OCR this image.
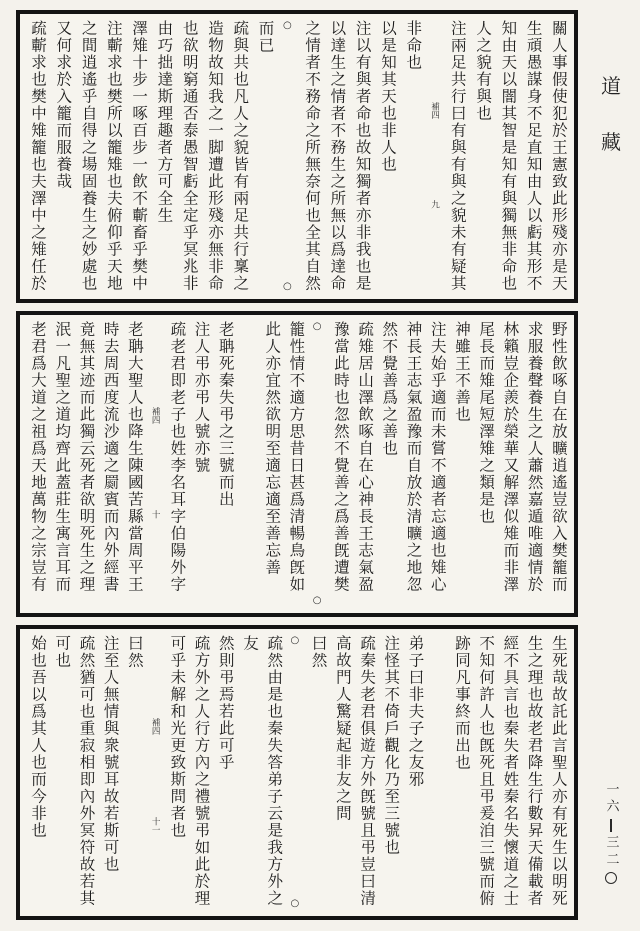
關人事假使犯於王憲致此形殘亦是天
生頑愚謀身不足直知由人以虧其形不
知由天以闇其智是知有與獨無非命也
人之貌有與也
注兩足共行曰有與有與之貌未有疑其
補四
九
非命也
以是知其天也非人也
注以有與者命也故知獨者亦非我也是
以達生之情者不務生之所無以爲達命
之情者不務命之所無奈何也全其自然
○
○
而已
疏與共也凡人之貌皆有兩足共行稟之
造物故知我之一脚遭此形殘亦無非命
也欲明窮通否泰愚智虧全定乎冥兆非
由巧拙達斯理趣者方可全生
澤雉十步一啄百步一飲不蘄畜乎樊中
注蘄求也樊所以籠雉也夫俯仰乎天地
之間逍遙乎自得之場固養生之妙處也
又何求於入籠而服養哉
疏蘄求也樊中雉籠也夫澤中之雉任於
野性飲啄自在放曠逍遙豈欲入樊籠而
求服養聲養生之人蕭然嘉遁唯適情於
林籟豈企羨於榮華又解澤似雉而非澤
尾長而雉尾短澤雉之類是也
神雖王不善也
注夫始乎適而未嘗不適者忘適也雉心
神長王志氣盈豫而自放於清曠之地忽
然不覺善爲之善也
疏雉居山澤飲啄自在心神長王志氣盈
豫當此時也忽然不覺善之爲善旣遭樊
○
○
籠性情不適方思昔日甚爲清暢鳥旣如
此人亦宜然欲明至適忘適至善忘善
老聃死秦失弔之三號而出
注人弔亦弔人號亦號
疏老君即老子也姓李名耳字伯陽外字
補四
十
老聃大聖人也降生陳國苦縣當周平王
時去周西度流沙適之罽賓而內外經書
竟無其迹而此獨云死者欲明死生之理
泯一凡聖之道均齊此蓋莊生寓言耳而
老君爲大道之祖爲天地萬物之宗豈有
生死哉故託此言聖人亦有死生以明死
生之理也故老君降生行數昇天備載者
經不具言也秦失者姓秦名失懷道之士
不知何許人也旣死且弔爰洎三號而俯
跡同凡事終而出也
弟子曰非夫子之友邪
注怪其不倚戶觀化乃至三號也
疏秦失老君俱遊方外旣號且弔豈曰清
高故門人驚疑起非友之問
曰然
○
○
疏然由是也秦失答弟子云是我方外之
友
然則弔焉若此可乎
疏方外之人行方內之禮號弔如此於理
可乎未解和光更致斯問者也
補四
十一
曰然
注至人無情與衆號耳故若斯可也
疏然猶可也重寂相即內外冥符故若其
可也
始也吾以爲其人也而今非也
道
藏
一六
三二
